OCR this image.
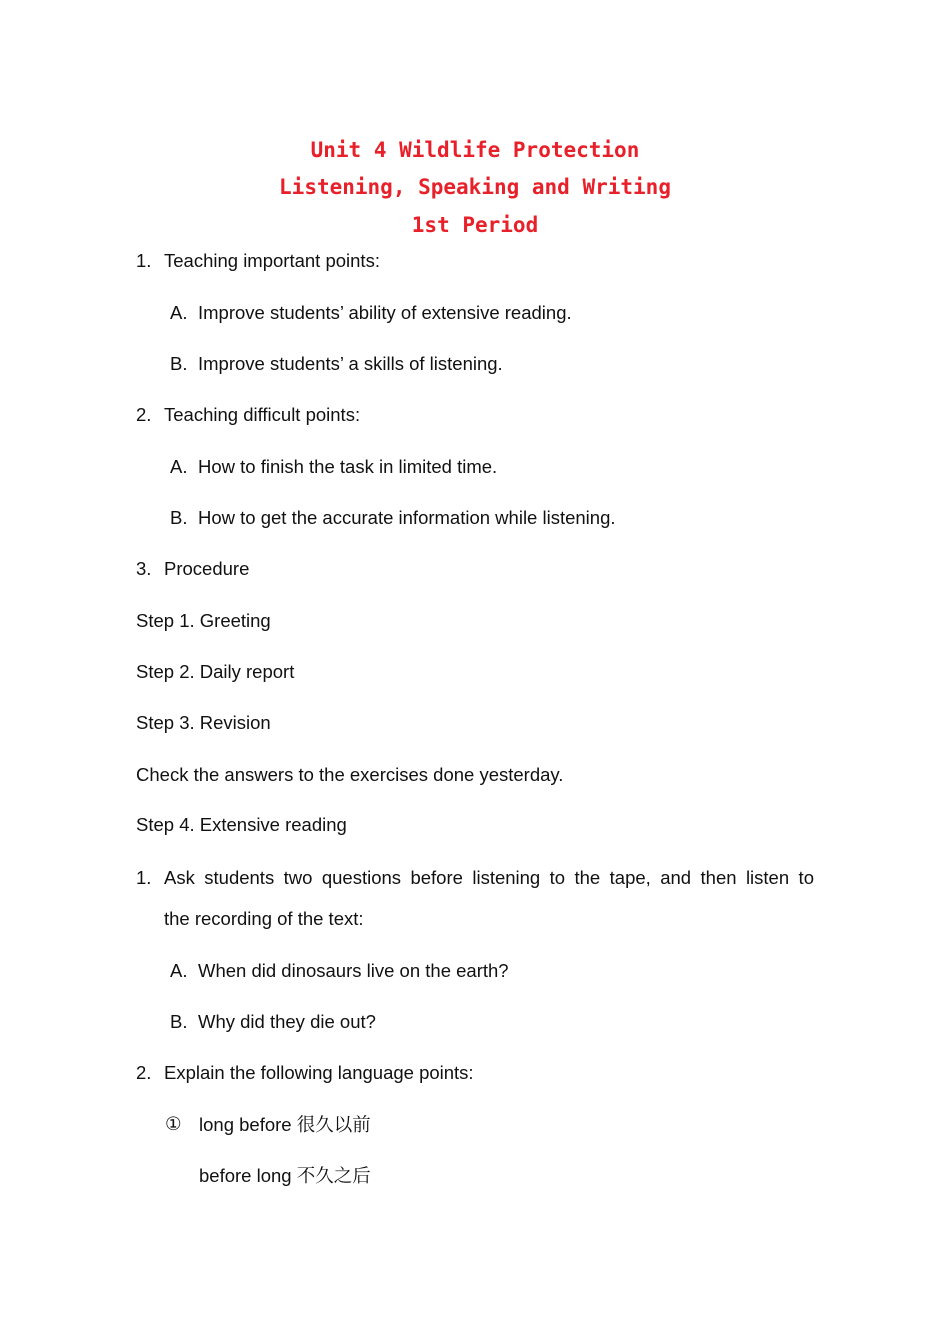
Unit 4 Wildlife Protection
Listening, Speaking and Writing
1st Period
1. Teaching important points:
A. Improve students’ ability of extensive reading.
B. Improve students’ a skills of listening.
2. Teaching difficult points:
A. How to finish the task in limited time.
B. How to get the accurate information while listening.
3. Procedure
Step 1. Greeting
Step 2. Daily report
Step 3. Revision
Check the answers to the exercises done yesterday.
Step 4. Extensive reading
1. Ask students two questions before listening to the tape, and then listen to
the recording of the text:
A. When did dinosaurs live on the earth?
B. Why did they die out?
2. Explain the following language points:
① long before 很久以前
before long 不久之后
